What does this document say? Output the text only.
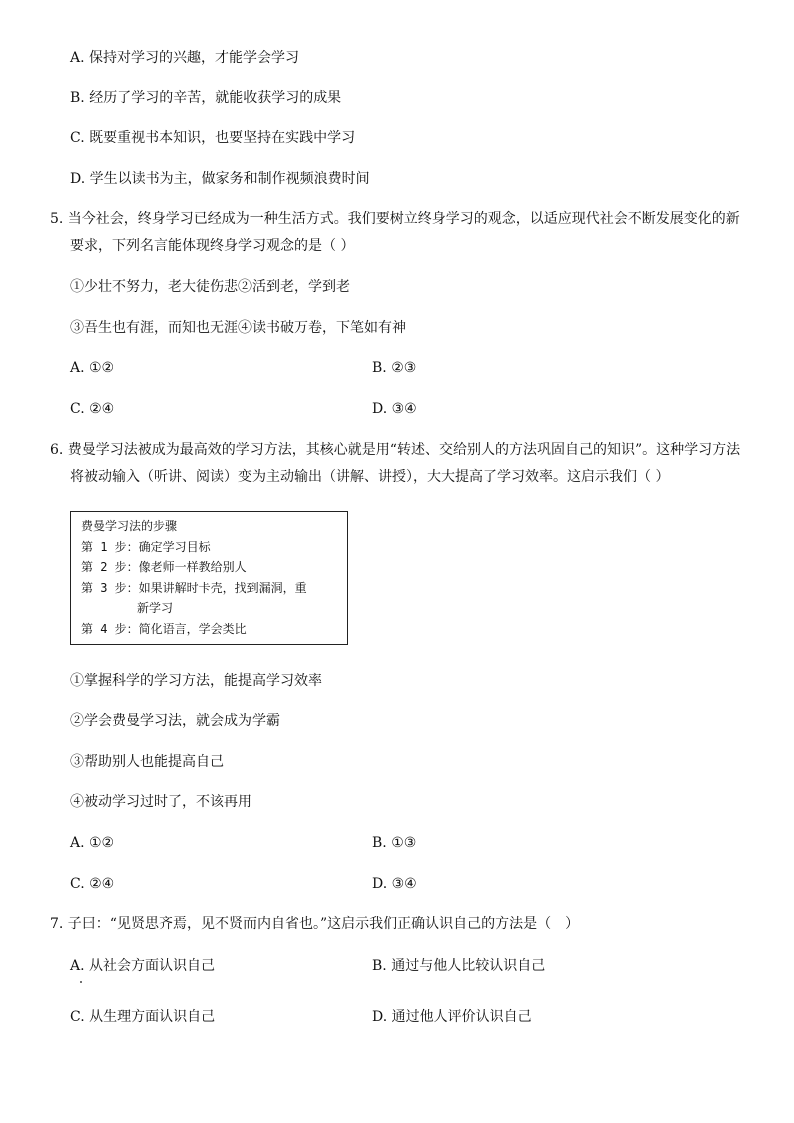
A. 保持对学习的兴趣，才能学会学习
B. 经历了学习的辛苦，就能收获学习的成果
C. 既要重视书本知识，也要坚持在实践中学习
D. 学生以读书为主，做家务和制作视频浪费时间
5. 当今社会，终身学习已经成为一种生活方式。我们要树立终身学习的观念，以适应现代社会不断发展变化的新
要求，下列名言能体现终身学习观念的是（ ）
①少壮不努力，老大徒伤悲②活到老，学到老
③吾生也有涯，而知也无涯④读书破万卷，下笔如有神
A. ①②	B. ②③
C. ②④	D. ③④
6. 费曼学习法被成为最高效的学习方法，其核心就是用“转述、交给别人的方法巩固自己的知识”。这种学习方法
将被动输入（听讲、阅读）变为主动输出（讲解、讲授），大大提高了学习效率。这启示我们（ ）
费曼学习法的步骤
第 1 步：确定学习目标
第 2 步：像老师一样教给别人
第 3 步：如果讲解时卡壳，找到漏洞，重
新学习
第 4 步：简化语言，学会类比
①掌握科学的学习方法，能提高学习效率
②学会费曼学习法，就会成为学霸
③帮助别人也能提高自己
④被动学习过时了，不该再用
A. ①②	B. ①③
C. ②④	D. ③④
7. 子曰：“见贤思齐焉，见不贤而内自省也。”这启示我们正确认识自己的方法是（　）
A. 从社会方面认识自己	B. 通过与他人比较认识自己
C. 从生理方面认识自己	D. 通过他人评价认识自己
